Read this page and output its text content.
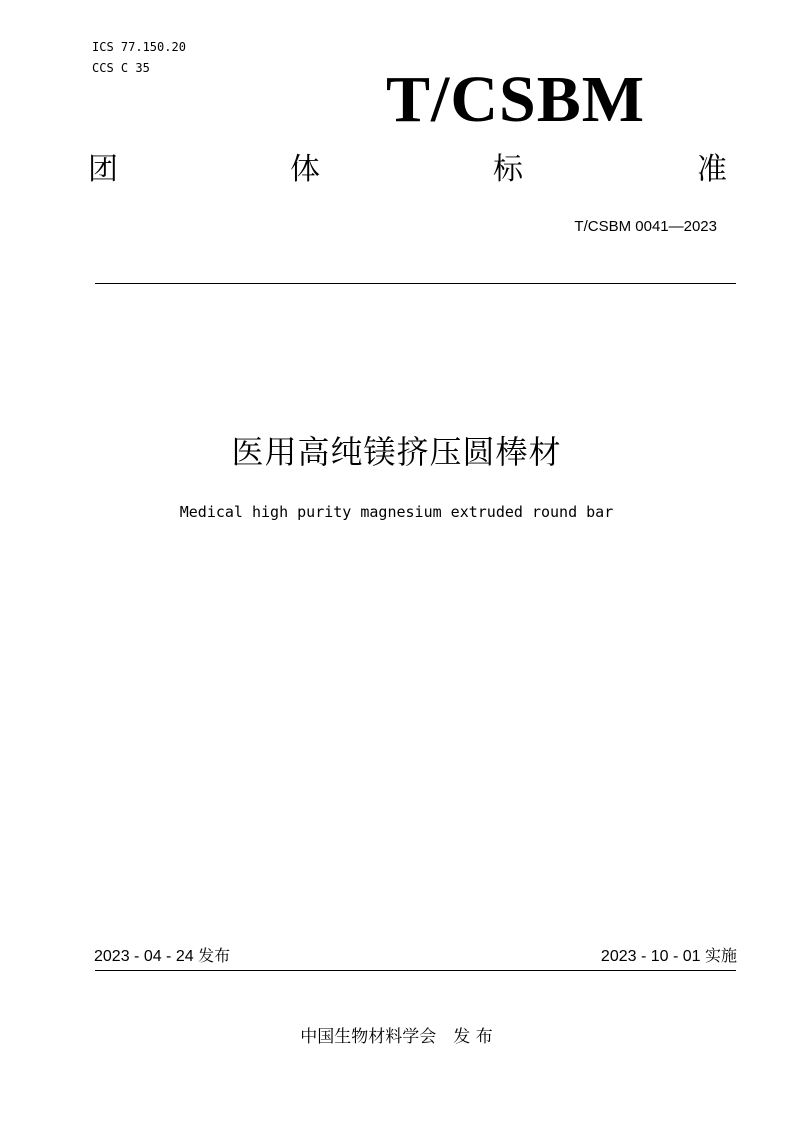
ICS 77.150.20
CCS C 35	T/CSBM
团	体	标	准
T/CSBM 0041—2023
医用高纯镁挤压圆棒材
Medical high purity magnesium extruded round bar
2023 - 04 - 24 发布	2023 - 10 - 01 实施
中国生物材料学会　发 布
